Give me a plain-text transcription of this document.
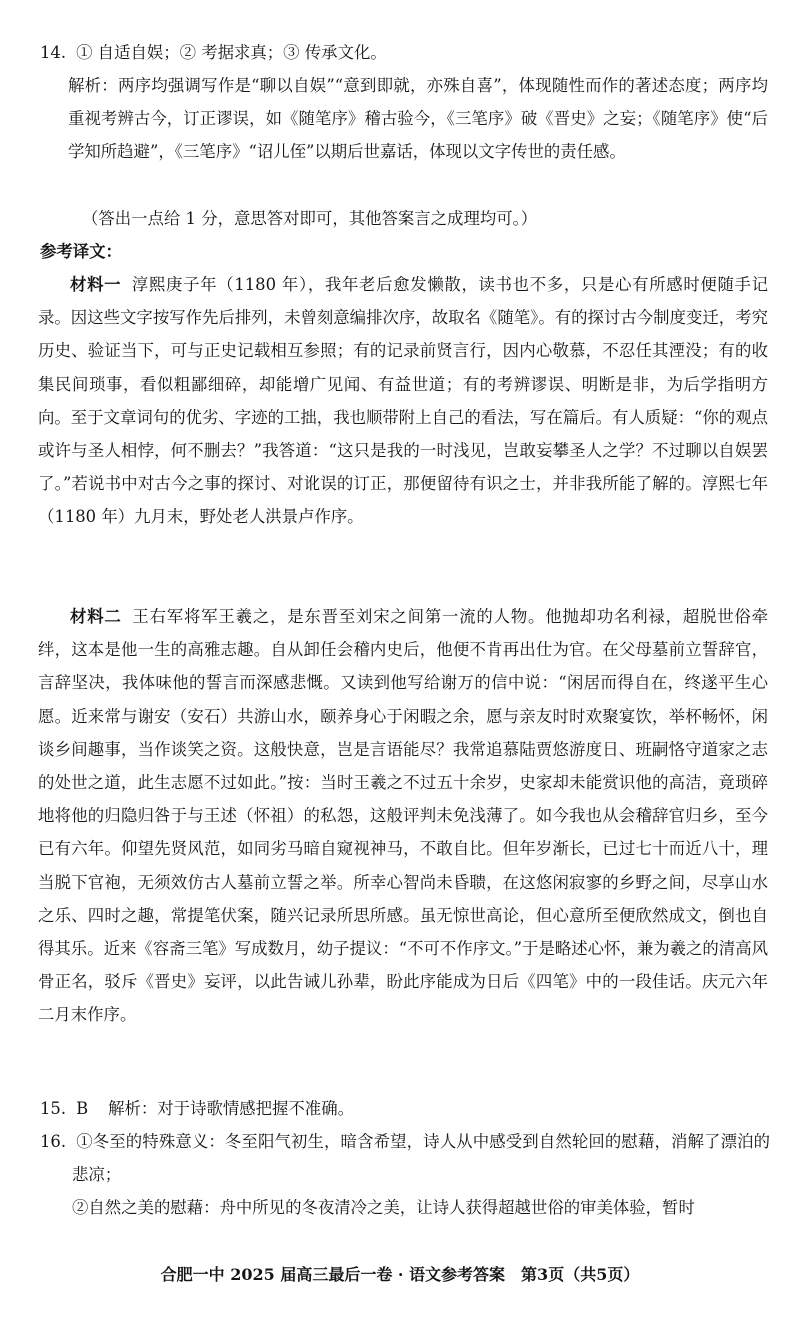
14. ① 自适自娱；② 考据求真；③ 传承文化。

解析：两序均强调写作是“聊以自娱”“意到即就，亦殊自喜”，体现随性而作的著述态度；两序均重视考辨古今，订正谬误，如《随笔序》稽古验今，《三笔序》破《晋史》之妄；《随笔序》使“后学知所趋避”，《三笔序》“诏儿侄”以期后世嘉话，体现以文字传世的责任感。

（答出一点给 1 分，意思答对即可，其他答案言之成理均可。）

参考译文：

材料一 淳熙庚子年（1180 年），我年老后愈发懒散，读书也不多，只是心有所感时便随手记录。因这些文字按写作先后排列，未曾刻意编排次序，故取名《随笔》。有的探讨古今制度变迁，考究历史、验证当下，可与正史记载相互参照；有的记录前贤言行，因内心敬慕，不忍任其湮没；有的收集民间琐事，看似粗鄙细碎，却能增广见闻、有益世道；有的考辨谬误、明断是非，为后学指明方向。至于文章词句的优劣、字迹的工拙，我也顺带附上自己的看法，写在篇后。有人质疑：“你的观点或许与圣人相悖，何不删去？”我答道：“这只是我的一时浅见，岂敢妄攀圣人之学？不过聊以自娱罢了。”若说书中对古今之事的探讨、对讹误的订正，那便留待有识之士，并非我所能了解的。淳熙七年（1180 年）九月末，野处老人洪景卢作序。

材料二 王右军将军王羲之，是东晋至刘宋之间第一流的人物。他抛却功名利禄，超脱世俗牵绊，这本是他一生的高雅志趣。自从卸任会稽内史后，他便不肯再出仕为官。在父母墓前立誓辞官，言辞坚决，我体味他的誓言而深感悲慨。又读到他写给谢万的信中说：“闲居而得自在，终遂平生心愿。近来常与谢安（安石）共游山水，颐养身心于闲暇之余，愿与亲友时时欢聚宴饮，举杯畅怀，闲谈乡间趣事，当作谈笑之资。这般快意，岂是言语能尽？我常追慕陆贾悠游度日、班嗣恪守道家之志的处世之道，此生志愿不过如此。”按：当时王羲之不过五十余岁，史家却未能赏识他的高洁，竟琐碎地将他的归隐归咎于与王述（怀祖）的私怨，这般评判未免浅薄了。如今我也从会稽辞官归乡，至今已有六年。仰望先贤风范，如同劣马暗自窥视神马，不敢自比。但年岁渐长，已过七十而近八十，理当脱下官袍，无须效仿古人墓前立誓之举。所幸心智尚未昏聩，在这悠闲寂寥的乡野之间，尽享山水之乐、四时之趣，常提笔伏案，随兴记录所思所感。虽无惊世高论，但心意所至便欣然成文，倒也自得其乐。近来《容斋三笔》写成数月，幼子提议：“不可不作序文。”于是略述心怀，兼为羲之的清高风骨正名，驳斥《晋史》妄评，以此告诫儿孙辈，盼此序能成为日后《四笔》中的一段佳话。庆元六年二月末作序。

15. B 解析：对于诗歌情感把握不准确。

16. ①冬至的特殊意义：冬至阳气初生，暗含希望，诗人从中感受到自然轮回的慰藉，消解了漂泊的悲凉；

②自然之美的慰藉：舟中所见的冬夜清冷之美，让诗人获得超越世俗的审美体验，暂时

合肥一中 2025 届高三最后一卷 · 语文参考答案　第3页（共5页）
